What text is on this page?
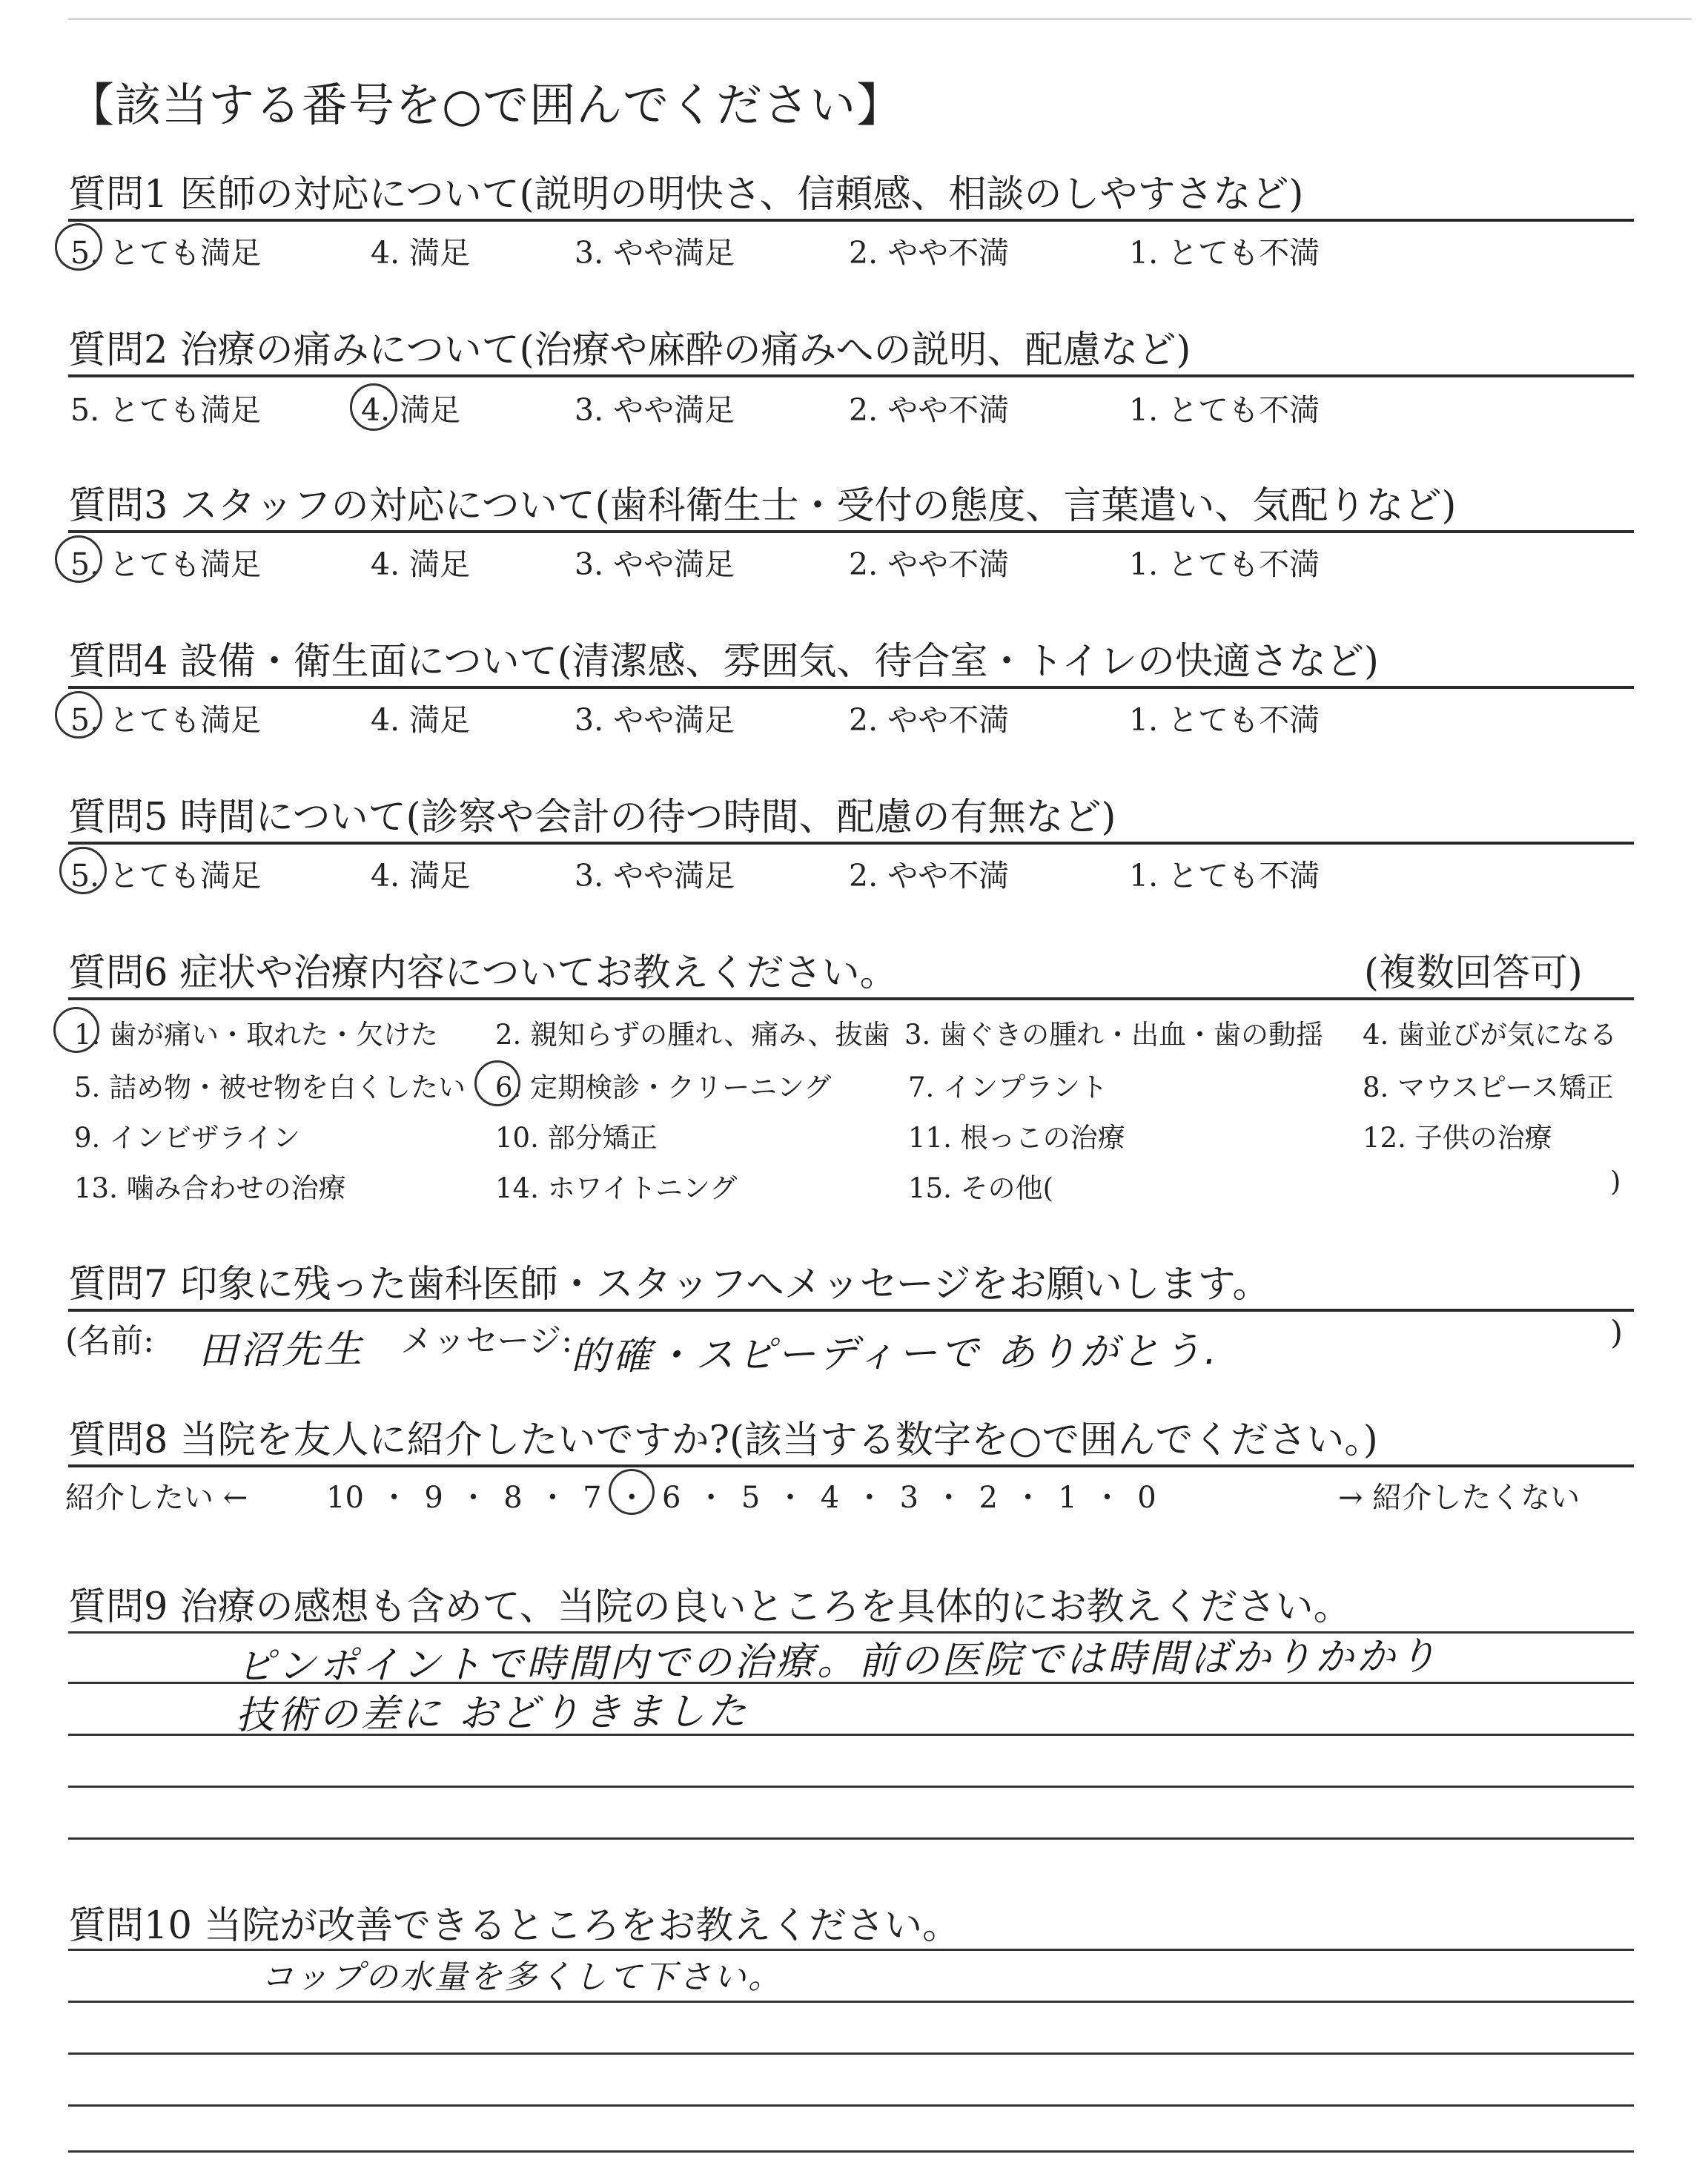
【該当する番号を○で囲んでください】
質問1 医師の対応について(説明の明快さ、信頼感、相談のしやすさなど)
5. とても満足	4. 満足	3. やや満足	2. やや不満	1. とても不満
質問2 治療の痛みについて(治療や麻酔の痛みへの説明、配慮など)
5. とても満足	4. 満足	3. やや満足	2. やや不満	1. とても不満
質問3 スタッフの対応について(歯科衛生士・受付の態度、言葉遣い、気配りなど)
5. とても満足	4. 満足	3. やや満足	2. やや不満	1. とても不満
質問4 設備・衛生面について(清潔感、雰囲気、待合室・トイレの快適さなど)
5. とても満足	4. 満足	3. やや満足	2. やや不満	1. とても不満
質問5 時間について(診察や会計の待つ時間、配慮の有無など)
5. とても満足	4. 満足	3. やや満足	2. やや不満	1. とても不満
質問6 症状や治療内容についてお教えください。	(複数回答可)
1. 歯が痛い・取れた・欠けた 2. 親知らずの腫れ、痛み、抜歯 3. 歯ぐきの腫れ・出血・歯の動揺 4. 歯並びが気になる
5. 詰め物・被せ物を白くしたい 6. 定期検診・クリーニング	7. インプラント	8. マウスピース矯正
9. インビザライン	10. 部分矯正	11. 根っこの治療	12. 子供の治療
13. 噛み合わせの治療	14. ホワイトニング	15. その他(	)
質問7 印象に残った歯科医師・スタッフへメッセージをお願いします。
(名前: 田沼先生 メッセージ:
的確・スピーディーで ありがとう.	)
質問8 当院を友人に紹介したいですか?(該当する数字を○で囲んでください。)
紹介したい ←	10 ・ 9 ・ 8 ・ 7 ・ 6 ・ 5 ・ 4 ・ 3 ・ 2 ・ 1 ・ 0	→ 紹介したくない
質問9 治療の感想も含めて、当院の良いところを具体的にお教えください。
ピンポイントで時間内での治療。前の医院では時間ばかりかかり
技術の差に おどりきました
質問10 当院が改善できるところをお教えください。
コップの水量を多くして下さい。
